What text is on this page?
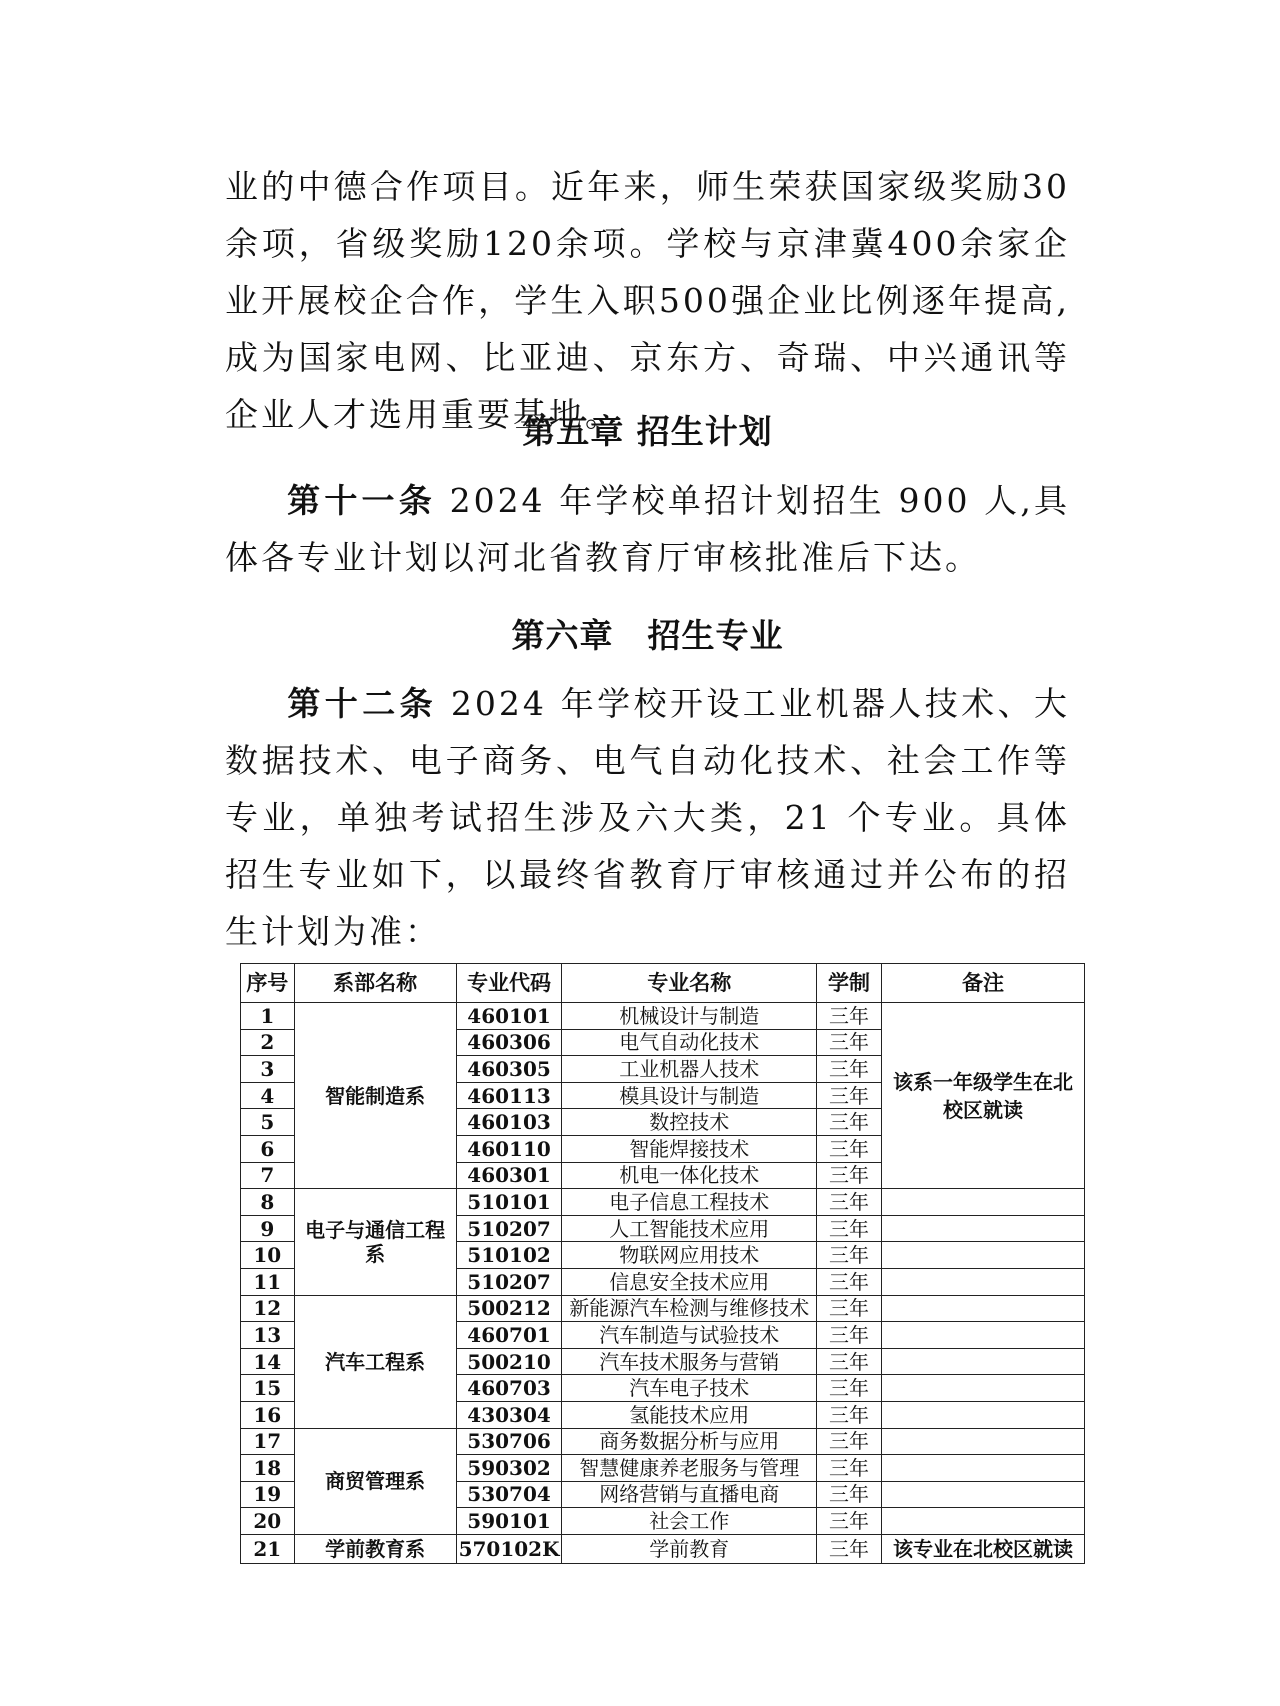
业的中德合作项目。近年来，师生荣获国家级奖励30余项，省级奖励120余项。学校与京津冀400余家企业开展校企合作，学生入职500强企业比例逐年提高,成为国家电网、比亚迪、京东方、奇瑞、中兴通讯等企业人才选用重要基地。

第五章 招生计划

第十一条 2024 年学校单招计划招生 900 人,具体各专业计划以河北省教育厅审核批准后下达。

第六章　招生专业

第十二条 2024 年学校开设工业机器人技术、大数据技术、电子商务、电气自动化技术、社会工作等专业，单独考试招生涉及六大类，21 个专业。具体招生专业如下，以最终省教育厅审核通过并公布的招生计划为准：

序号	系部名称	专业代码	专业名称	学制	备注
1	智能制造系	460101	机械设计与制造	三年	该系一年级学生在北校区就读
2		460306	电气自动化技术	三年	
3		460305	工业机器人技术	三年	
4		460113	模具设计与制造	三年	
5		460103	数控技术	三年	
6		460110	智能焊接技术	三年	
7		460301	机电一体化技术	三年	
8	电子与通信工程系	510101	电子信息工程技术	三年	
9		510207	人工智能技术应用	三年	
10		510102	物联网应用技术	三年	
11		510207	信息安全技术应用	三年	
12	汽车工程系	500212	新能源汽车检测与维修技术	三年	
13		460701	汽车制造与试验技术	三年	
14		500210	汽车技术服务与营销	三年	
15		460703	汽车电子技术	三年	
16		430304	氢能技术应用	三年	
17	商贸管理系	530706	商务数据分析与应用	三年	
18		590302	智慧健康养老服务与管理	三年	
19		530704	网络营销与直播电商	三年	
20		590101	社会工作	三年	
21	学前教育系	570102K	学前教育	三年	该专业在北校区就读
